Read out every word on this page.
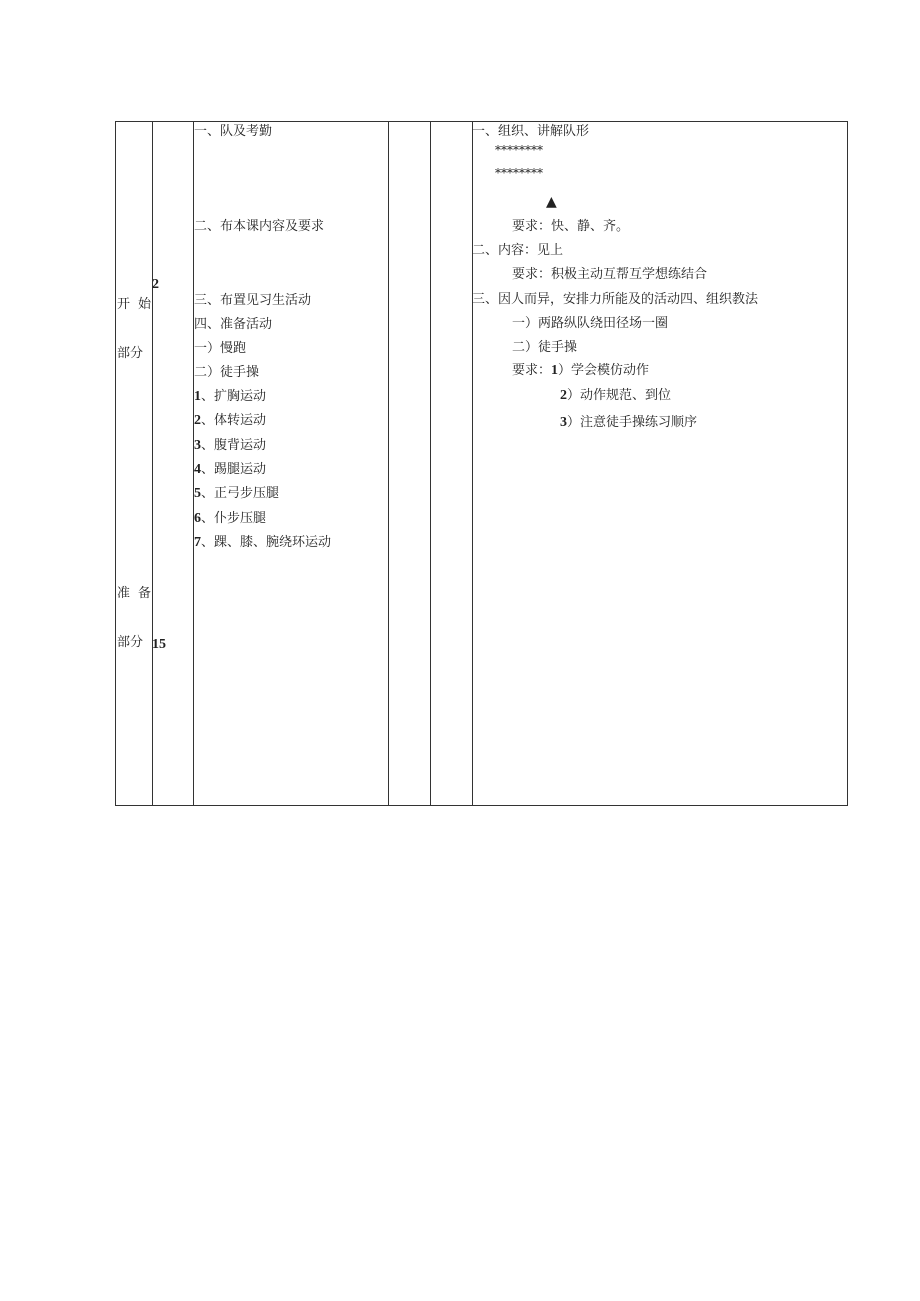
开 始
部分
准 备
部分
2
15
一、队及考勤
二、布本课内容及要求
三、布置见习生活动
四、准备活动
一）慢跑
二）徒手操
1、扩胸运动
2、体转运动
3、腹背运动
4、踢腿运动
5、正弓步压腿
6、仆步压腿
7、踝、膝、腕绕环运动
一、组织、讲解队形
********
********
▲
要求：快、静、齐。
二、内容：见上
要求：积极主动互帮互学想练结合
三、因人而异，安排力所能及的活动四、组织教法
一）两路纵队绕田径场一圈
二）徒手操
要求：1）学会模仿动作
2）动作规范、到位
3）注意徒手操练习顺序
